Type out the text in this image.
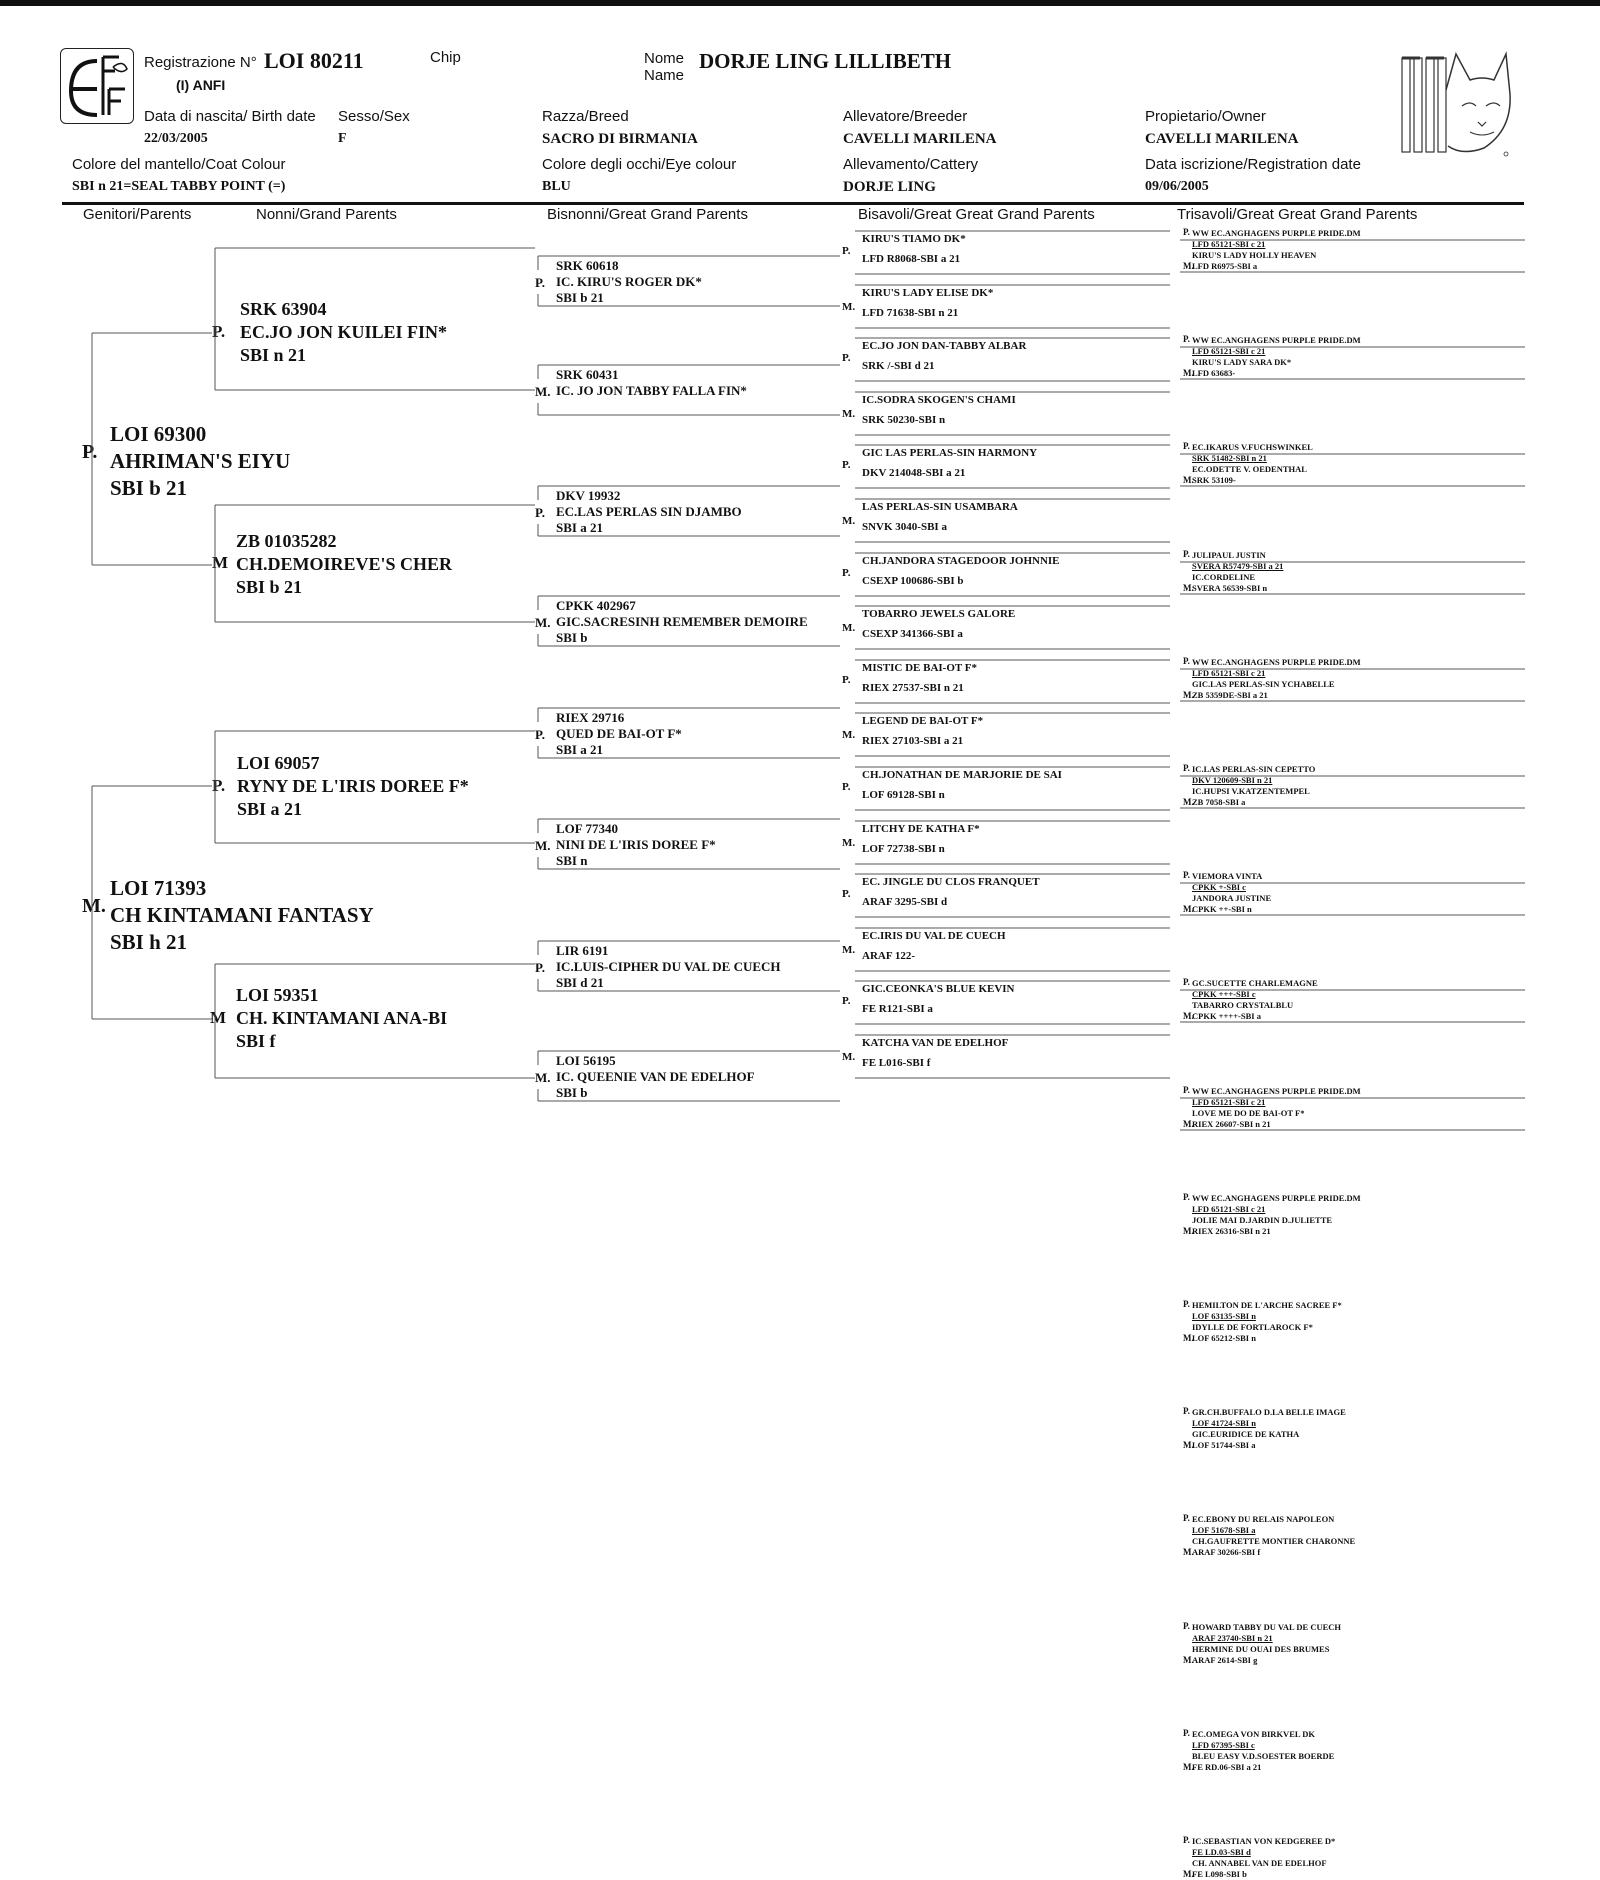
Registrazione N° LOI 80211
(I) ANFI
Chip	Nome
Name
DORJE LING LILLIBETH
Data di nascita/ Birth date
22/03/2005
Sesso/Sex
F
Razza/Breed
SACRO DI BIRMANIA
Allevatore/Breeder
CAVELLI MARILENA
Propietario/Owner
CAVELLI MARILENA
Colore del mantello/Coat Colour
SBI n 21=SEAL TABBY POINT (=)
Colore degli occhi/Eye colour
BLU
Allevamento/Cattery
DORJE LING
Data iscrizione/Registration date
09/06/2005
Genitori/Parents	Nonni/Grand Parents	Bisnonni/Great Grand Parents	Bisavoli/Great Great Grand Parents	Trisavoli/Great Great Grand Parents
LOI 69300
AHRIMAN'S EIYU
SBI b 21
P.
LOI 71393
CH KINTAMANI FANTASY
SBI h 21
M.
SRK 63904
EC.JO JON KUILEI FIN*
SBI n 21
P.
ZB 01035282
CH.DEMOIREVE'S CHER
SBI b 21
M
LOI 69057
RYNY DE L'IRIS DOREE F*
SBI a 21
P.
LOI 59351
CH. KINTAMANI ANA-BI
SBI f
M
SRK 60618
IC. KIRU'S ROGER DK*
SBI b 21
P.
SRK 60431
IC. JO JON TABBY FALLA FIN*
M.
DKV 19932
EC.LAS PERLAS SIN DJAMBO
SBI a 21
P.
CPKK 402967
GIC.SACRESINH REMEMBER DEMOIRE
SBI b
M.
RIEX 29716
QUED DE BAI-OT F*
SBI a 21
P.
LOF 77340
NINI DE L'IRIS DOREE F*
SBI n
M.
LIR 6191
IC.LUIS-CIPHER DU VAL DE CUECH
SBI d 21
P.
LOI 56195
IC. QUEENIE VAN DE EDELHOF
SBI b
M.
KIRU'S TIAMO DK*
LFD R8068-SBI a 21
P.
KIRU'S LADY ELISE DK*
LFD 71638-SBI n 21
M.
EC.JO JON DAN-TABBY ALBAR
SRK /-SBI d 21
P.
IC.SODRA SKOGEN'S CHAMI
SRK 50230-SBI n
M.
GIC LAS PERLAS-SIN HARMONY
DKV 214048-SBI a 21
P.
LAS PERLAS-SIN USAMBARA
SNVK 3040-SBI a
M.
CH.JANDORA STAGEDOOR JOHNNIE
CSEXP 100686-SBI b
P.
TOBARRO JEWELS GALORE
CSEXP 341366-SBI a
M.
MISTIC DE BAI-OT F*
RIEX 27537-SBI n 21
P.
LEGEND DE BAI-OT F*
RIEX 27103-SBI a 21
M.
CH.JONATHAN DE MARJORIE DE SAI
LOF 69128-SBI n
P.
LITCHY DE KATHA F*
LOF 72738-SBI n
M.
EC. JINGLE DU CLOS FRANQUET
ARAF 3295-SBI d
P.
EC.IRIS DU VAL DE CUECH
ARAF 122-
M.
GIC.CEONKA'S BLUE KEVIN
FE R121-SBI a
P.
KATCHA VAN DE EDELHOF
FE L016-SBI f
M.
WW EC.ANGHAGENS PURPLE PRIDE.DM
LFD 65121-SBI c 21
KIRU'S LADY HOLLY HEAVEN
LFD R6975-SBI a
P.
M.
WW EC.ANGHAGENS PURPLE PRIDE.DM
LFD 65121-SBI c 21
KIRU'S LADY SARA DK*
LFD 63683-
P.
M.
EC.IKARUS V.FUCHSWINKEL
SRK 51482-SBI n 21
EC.ODETTE V. OEDENTHAL
SRK 53109-
P.
M.
JULIPAUL JUSTIN
SVERA R57479-SBI a 21
IC.CORDELINE
SVERA 56539-SBI n
P.
M.
WW EC.ANGHAGENS PURPLE PRIDE.DM
LFD 65121-SBI c 21
GIC.LAS PERLAS-SIN YCHABELLE
ZB 5359DE-SBI a 21
P.
M.
IC.LAS PERLAS-SIN CEPETTO
DKV 120609-SBI n 21
IC.HUPSI V.KATZENTEMPEL
ZB 7058-SBI a
P.
M.
VIEMORA VINTA
CPKK +-SBI c
JANDORA JUSTINE
CPKK ++-SBI n
P.
M.
GC.SUCETTE CHARLEMAGNE
CPKK +++-SBI c
TABARRO CRYSTALBLU
CPKK ++++-SBI a
P.
M.
WW EC.ANGHAGENS PURPLE PRIDE.DM
LFD 65121-SBI c 21
LOVE ME DO DE BAI-OT F*
RIEX 26607-SBI n 21
P.
M.
WW EC.ANGHAGENS PURPLE PRIDE.DM
LFD 65121-SBI c 21
JOLIE MAI D.JARDIN D.JULIETTE
RIEX 26316-SBI n 21
P.
M.
HEMILTON DE L'ARCHE SACREE F*
LOF 63135-SBI n
IDYLLE DE FORTLAROCK F*
LOF 65212-SBI n
P.
M.
GR.CH.BUFFALO D.LA BELLE IMAGE
LOF 41724-SBI n
GIC.EURIDICE DE KATHA
LOF 51744-SBI a
P.
M.
EC.EBONY DU RELAIS NAPOLEON
LOF 51678-SBI a
CH.GAUFRETTE MONTIER CHARONNE
ARAF 30266-SBI f
P.
M.
HOWARD TABBY DU VAL DE CUECH
ARAF 23740-SBI n 21
HERMINE DU OUAI DES BRUMES
ARAF 2614-SBI g
P.
M.
EC.OMEGA VON BIRKVEL DK
LFD 67395-SBI c
BLEU EASY V.D.SOESTER BOERDE
FE RD.06-SBI a 21
P.
M.
IC.SEBASTIAN VON KEDGEREE D*
FE LD.03-SBI d
CH. ANNABEL VAN DE EDELHOF
FE L098-SBI b
P.
M.
